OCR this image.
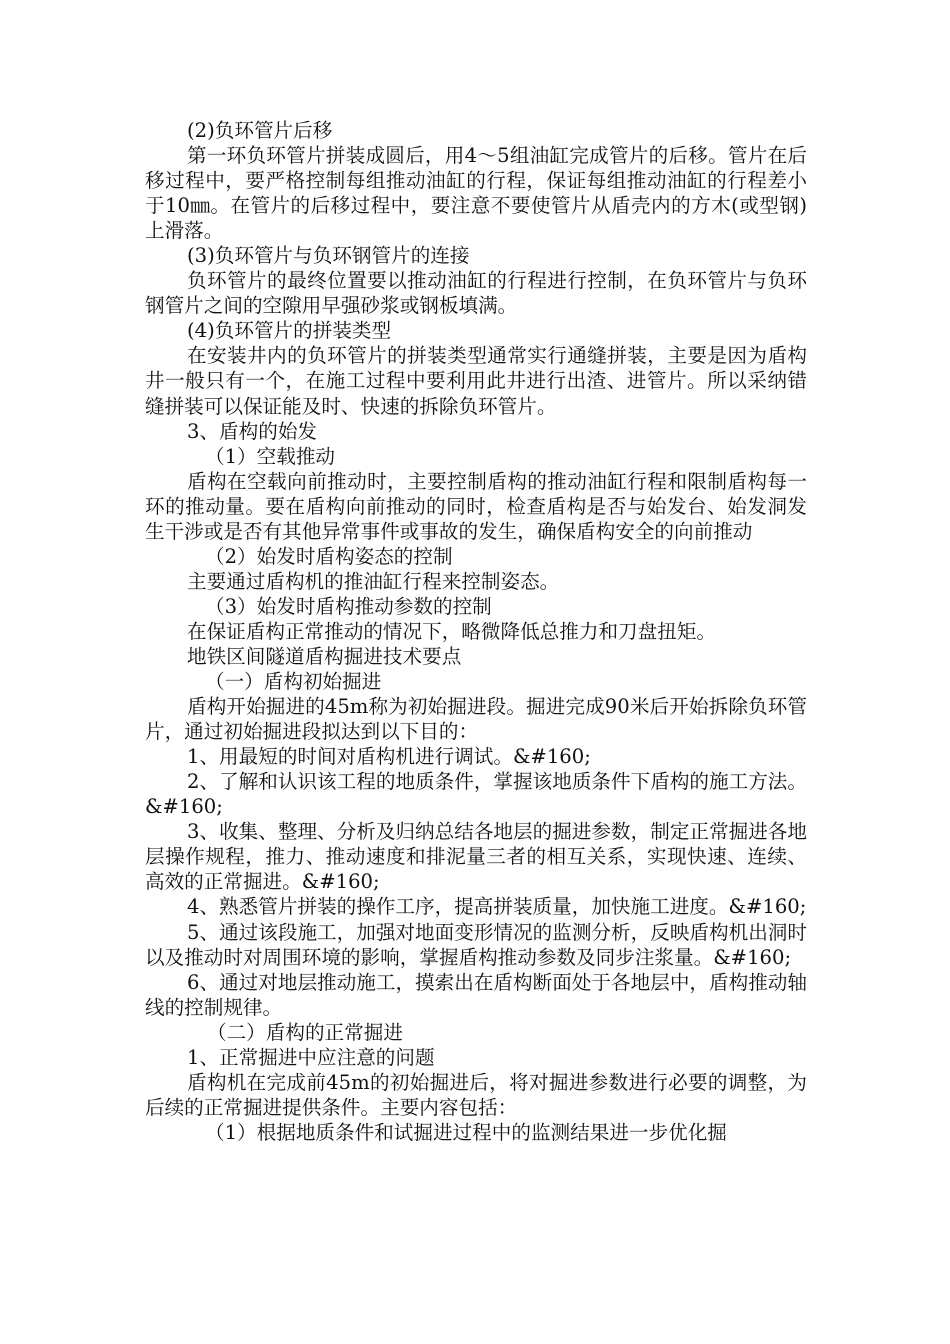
(2)负环管片后移

第一环负环管片拼装成圆后，用4～5组油缸完成管片的后移。管片在后移过程中，要严格控制每组推动油缸的行程，保证每组推动油缸的行程差小于10㎜。在管片的后移过程中，要注意不要使管片从盾壳内的方木(或型钢)上滑落。

(3)负环管片与负环钢管片的连接

负环管片的最终位置要以推动油缸的行程进行控制，在负环管片与负环钢管片之间的空隙用早强砂浆或钢板填满。

(4)负环管片的拼装类型

在安装井内的负环管片的拼装类型通常实行通缝拼装，主要是因为盾构井一般只有一个，在施工过程中要利用此井进行出渣、进管片。所以采纳错缝拼装可以保证能及时、快速的拆除负环管片。

3、盾构的始发

（1）空载推动

盾构在空载向前推动时，主要控制盾构的推动油缸行程和限制盾构每一环的推动量。要在盾构向前推动的同时，检查盾构是否与始发台、始发洞发生干涉或是否有其他异常事件或事故的发生，确保盾构安全的向前推动

（2）始发时盾构姿态的控制

主要通过盾构机的推油缸行程来控制姿态。

（3）始发时盾构推动参数的控制

在保证盾构正常推动的情况下，略微降低总推力和刀盘扭矩。

地铁区间隧道盾构掘进技术要点

（一）盾构初始掘进

盾构开始掘进的45m称为初始掘进段。掘进完成90米后开始拆除负环管片，通过初始掘进段拟达到以下目的：

1、用最短的时间对盾构机进行调试。&#160;

2、了解和认识该工程的地质条件，掌握该地质条件下盾构的施工方法。&#160;

3、收集、整理、分析及归纳总结各地层的掘进参数，制定正常掘进各地层操作规程，推力、推动速度和排泥量三者的相互关系，实现快速、连续、高效的正常掘进。&#160;

4、熟悉管片拼装的操作工序，提高拼装质量，加快施工进度。&#160;

5、通过该段施工，加强对地面变形情况的监测分析，反映盾构机出洞时以及推动时对周围环境的影响，掌握盾构推动参数及同步注浆量。&#160;

6、通过对地层推动施工，摸索出在盾构断面处于各地层中，盾构推动轴线的控制规律。

（二）盾构的正常掘进

1、正常掘进中应注意的问题

盾构机在完成前45m的初始掘进后，将对掘进参数进行必要的调整，为后续的正常掘进提供条件。主要内容包括：

（1）根据地质条件和试掘进过程中的监测结果进一步优化掘
